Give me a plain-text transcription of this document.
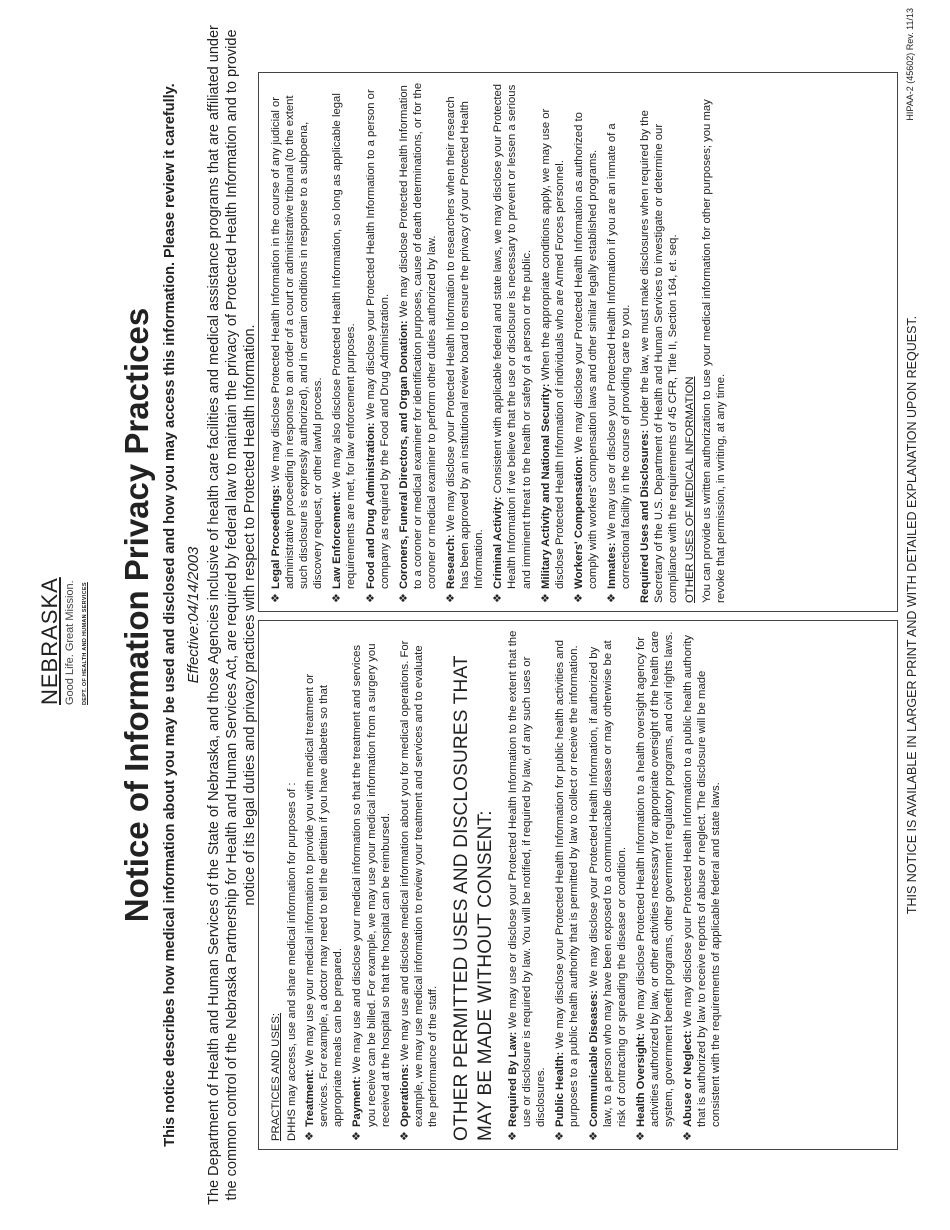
NEBRASKA Good Life. Great Mission. DEPT. OF HEALTH AND HUMAN SERVICES Notice of Information Privacy Practices This notice describes how medical information about you may be used and disclosed and how you may access this information. Please review it carefully. Effective:04/14/2003 The Department of Health and Human Services of the State of Nebraska, and those Agencies inclusive of health care facilities and medical assistance programs that are affiliated under the common control of the Nebraska Partnership for Health and Human Services Act, are required by federal law to maintain the privacy of Protected Health Information and to provide notice of its legal duties and privacy practices with respect to Protected Health Information.
PRACTICES AND USES: DHHS may access, use and share medical information for purposes of : ❖
Treatment: We may use your medical information to provide you with medical treatment or services. For example, a doctor may need to tell the dietitian if you have diabetes so that appropriate meals can be prepared.
❖
Payment: We may use and disclose your medical information so that the treatment and services you receive can be billed. For example, we may use your medical information from a surgery you received at the hospital so that the hospital can be reimbursed.
❖
Operations: We may use and disclose medical information about you for medical operations. For example, we may use medical information to review your treatment and services and to evaluate the performance of the staff. OTHER PERMITTED USES AND DISCLOSURES THAT MAY BE MADE WITHOUT CONSENT: ❖
Required By Law: We may use or disclose your Protected Health Information to the extent that the use or disclosure is required by law. You will be notified, if required by law, of any such uses or disclosures.
❖
Public Health: We may disclose your Protected Health Information for public health activities and purposes to a public health authority that is permitted by law to collect or receive the information.
❖
Communicable Diseases: We may disclose your Protected Health Information, if authorized by law, to a person who may have been exposed to a communicable disease or may otherwise be at risk of contracting or spreading the disease or condition.
❖
Health Oversight: We may disclose Protected Health Information to a health oversight agency for activities authorized by law, or other activities necessary for appropriate oversight of the health care system, government benefit programs, other government regulatory programs, and civil rights laws.
❖
Abuse or Neglect: We may disclose your Protected Health Information to a public health authority that is authorized by law to receive reports of abuse or neglect. The disclosure will be made consistent with the requirements of applicable federal and state laws.
❖
Legal Proceedings: We may disclose Protected Health Information in the course of any judicial or administrative proceeding in response to an order of a court or administrative tribunal (to the extent such disclosure is expressly authorized), and in certain conditions in response to a subpoena, discovery request, or other lawful process.
❖
Law Enforcement: We may also disclose Protected Health Information, so long as applicable legal requirements are met, for law enforcement purposes.
❖
Food and Drug Administration: We may disclose your Protected Health Information to a person or company as required by the Food and Drug Administration.
❖
Coroners, Funeral Directors, and Organ Donation: We may disclose Protected Health Information to a coroner or medical examiner for identification purposes, cause of death determinations, or for the coroner or medical examiner to perform other duties authorized by law.
❖
Research: We may disclose your Protected Health Information to researchers when their research has been approved by an institutional review board to ensure the privacy of your Protected Health Information.
❖
Criminal Activity: Consistent with applicable federal and state laws, we may disclose your Protected Health Information if we believe that the use or disclosure is necessary to prevent or lessen a serious and imminent threat to the health or safety of a person or the public.
❖
Military Activity and National Security: When the appropriate conditions apply, we may use or disclose Protected Health Information of individuals who are Armed Forces personnel.
❖
Workers' Compensation: We may disclose your Protected Health Information as authorized to comply with workers' compensation laws and other similar legally established programs.
❖
Inmates: We may use or disclose your Protected Health Information if you are an inmate of a correctional facility in the course of providing care to you. Required Uses and Disclosures: Under the law, we must make disclosures when required by the Secretary of the U.S. Department of Health and Human Services to investigate or determine our compliance with the requirements of 45 CFR, Title II, Section 164, et. seq. OTHER USES OF MEDICAL INFORMATION You can provide us written authorization to use your medical information for other purposes; you may revoke that permission, in writing, at any time.	THIS NOTICE IS AVAILABLE IN LARGER PRINT AND WITH DETAILED EXPLANATION UPON REQUEST.
HIPAA-2 (45602) Rev. 11/13
